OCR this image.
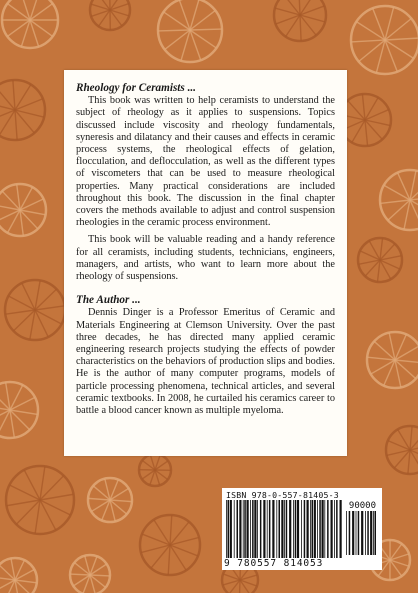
Rheology for Ceramists ...

This book was written to help ceramists to understand the subject of rheology as it applies to suspensions. Topics discussed include viscosity and rheology fundamentals, syneresis and dilatancy and their causes and effects in ceramic process systems, the rheological effects of gelation, flocculation, and deflocculation, as well as the different types of viscometers that can be used to measure rheological properties. Many practical considerations are included throughout this book. The discussion in the final chapter covers the methods available to adjust and control suspension rheologies in the ceramic process environment.

This book will be valuable reading and a handy reference for all ceramists, including students, technicians, engineers, managers, and artists, who want to learn more about the rheology of suspensions.

The Author ...

Dennis Dinger is a Professor Emeritus of Ceramic and Materials Engineering at Clemson University. Over the past three decades, he has directed many applied ceramic engineering research projects studying the effects of powder characteristics on the behaviors of production slips and bodies. He is the author of many computer programs, models of particle processing phenomena, technical articles, and several ceramic textbooks. In 2008, he curtailed his ceramics career to battle a blood cancer known as multiple myeloma.

ISBN 978-0-557-81405-3
90000
9 780557 814053
